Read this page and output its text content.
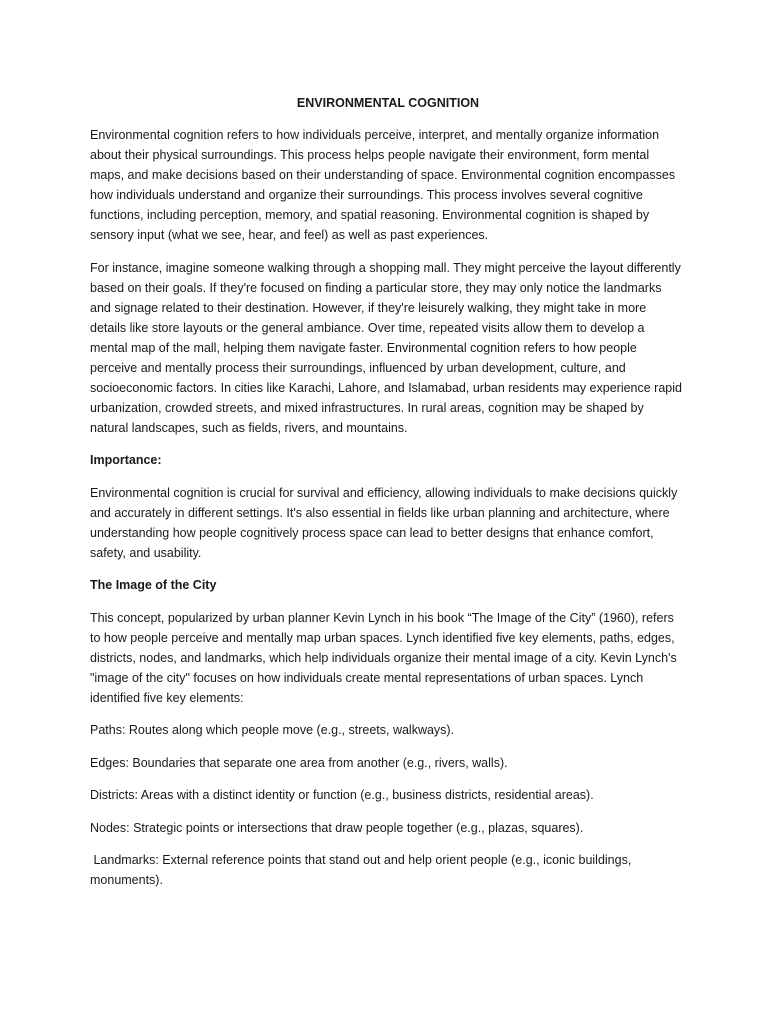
ENVIRONMENTAL COGNITION

Environmental cognition refers to how individuals perceive, interpret, and mentally organize information about their physical surroundings. This process helps people navigate their environment, form mental maps, and make decisions based on their understanding of space. Environmental cognition encompasses how individuals understand and organize their surroundings. This process involves several cognitive functions, including perception, memory, and spatial reasoning. Environmental cognition is shaped by sensory input (what we see, hear, and feel) as well as past experiences.

For instance, imagine someone walking through a shopping mall. They might perceive the layout differently based on their goals. If they're focused on finding a particular store, they may only notice the landmarks and signage related to their destination. However, if they're leisurely walking, they might take in more details like store layouts or the general ambiance. Over time, repeated visits allow them to develop a mental map of the mall, helping them navigate faster. Environmental cognition refers to how people perceive and mentally process their surroundings, influenced by urban development, culture, and socioeconomic factors. In cities like Karachi, Lahore, and Islamabad, urban residents may experience rapid urbanization, crowded streets, and mixed infrastructures. In rural areas, cognition may be shaped by natural landscapes, such as fields, rivers, and mountains.

Importance:

Environmental cognition is crucial for survival and efficiency, allowing individuals to make decisions quickly and accurately in different settings. It's also essential in fields like urban planning and architecture, where understanding how people cognitively process space can lead to better designs that enhance comfort, safety, and usability.

The Image of the City

This concept, popularized by urban planner Kevin Lynch in his book “The Image of the City” (1960), refers to how people perceive and mentally map urban spaces. Lynch identified five key elements, paths, edges, districts, nodes, and landmarks, which help individuals organize their mental image of a city. Kevin Lynch's "image of the city" focuses on how individuals create mental representations of urban spaces. Lynch identified five key elements:

Paths: Routes along which people move (e.g., streets, walkways).

Edges: Boundaries that separate one area from another (e.g., rivers, walls).

Districts: Areas with a distinct identity or function (e.g., business districts, residential areas).

Nodes: Strategic points or intersections that draw people together (e.g., plazas, squares).

Landmarks: External reference points that stand out and help orient people (e.g., iconic buildings, monuments).
